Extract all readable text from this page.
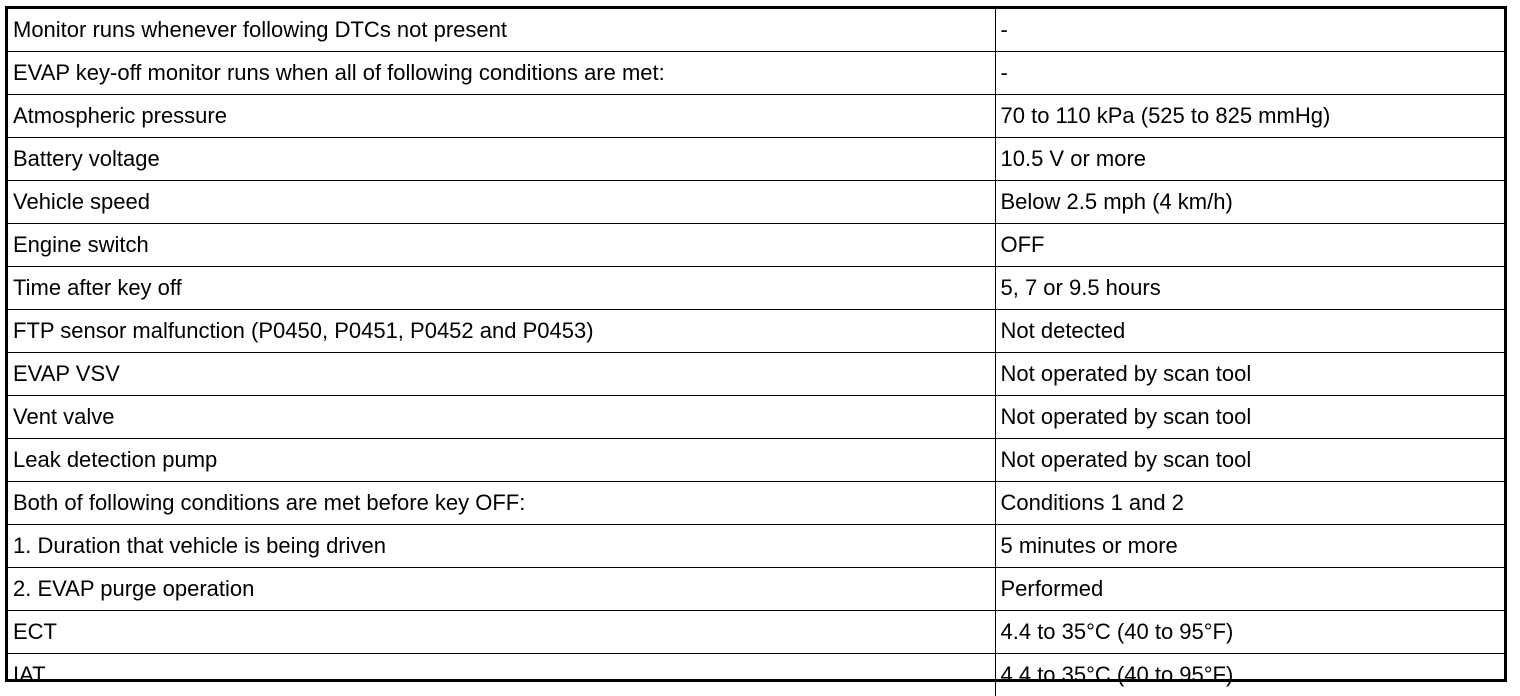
Monitor runs whenever following DTCs not present	-
EVAP key-off monitor runs when all of following conditions are met:	-
Atmospheric pressure	70 to 110 kPa (525 to 825 mmHg)
Battery voltage	10.5 V or more
Vehicle speed	Below 2.5 mph (4 km/h)
Engine switch	OFF
Time after key off	5, 7 or 9.5 hours
FTP sensor malfunction (P0450, P0451, P0452 and P0453)	Not detected
EVAP VSV	Not operated by scan tool
Vent valve	Not operated by scan tool
Leak detection pump	Not operated by scan tool
Both of following conditions are met before key OFF:	Conditions 1 and 2
1. Duration that vehicle is being driven	5 minutes or more
2. EVAP purge operation	Performed
ECT	4.4 to 35°C (40 to 95°F)
IAT	4.4 to 35°C (40 to 95°F)
